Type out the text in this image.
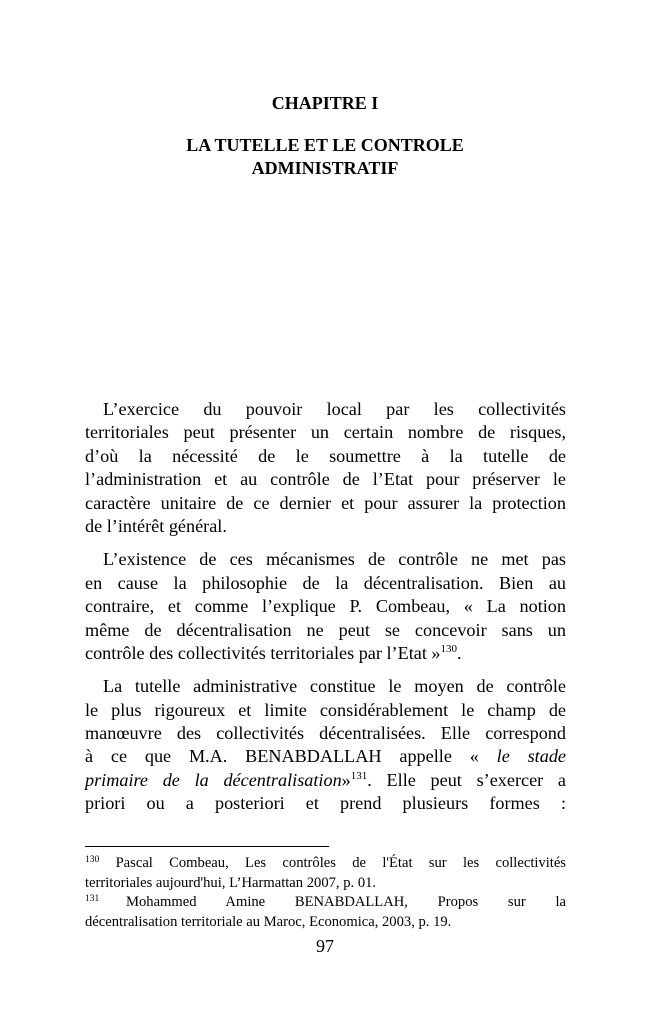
CHAPITRE I
LA TUTELLE ET LE CONTROLE
ADMINISTRATIF
L’exercice du pouvoir local par les collectivités
territoriales peut présenter un certain nombre de risques,
d’où la nécessité de le soumettre à la tutelle de
l’administration et au contrôle de l’Etat pour préserver le
caractère unitaire de ce dernier et pour assurer la protection
de l’intérêt général.
L’existence de ces mécanismes de contrôle ne met pas
en cause la philosophie de la décentralisation. Bien au
contraire, et comme l’explique P. Combeau, « La notion
même de décentralisation ne peut se concevoir sans un
contrôle des collectivités territoriales par l’Etat »$^{130}$.
La tutelle administrative constitue le moyen de contrôle
le plus rigoureux et limite considérablement le champ de
manœuvre des collectivités décentralisées. Elle correspond
à ce que M.A. BENABDALLAH appelle « le stade
primaire de la décentralisation»$^{131}$. Elle peut s’exercer a
priori ou a posteriori et prend plusieurs formes :
$^{130}$ Pascal Combeau, Les contrôles de l'État sur les collectivités
territoriales aujourd'hui, L’Harmattan 2007, p. 01.
$^{131}$ Mohammed Amine BENABDALLAH, Propos sur la
décentralisation territoriale au Maroc, Economica, 2003, p. 19.
97
